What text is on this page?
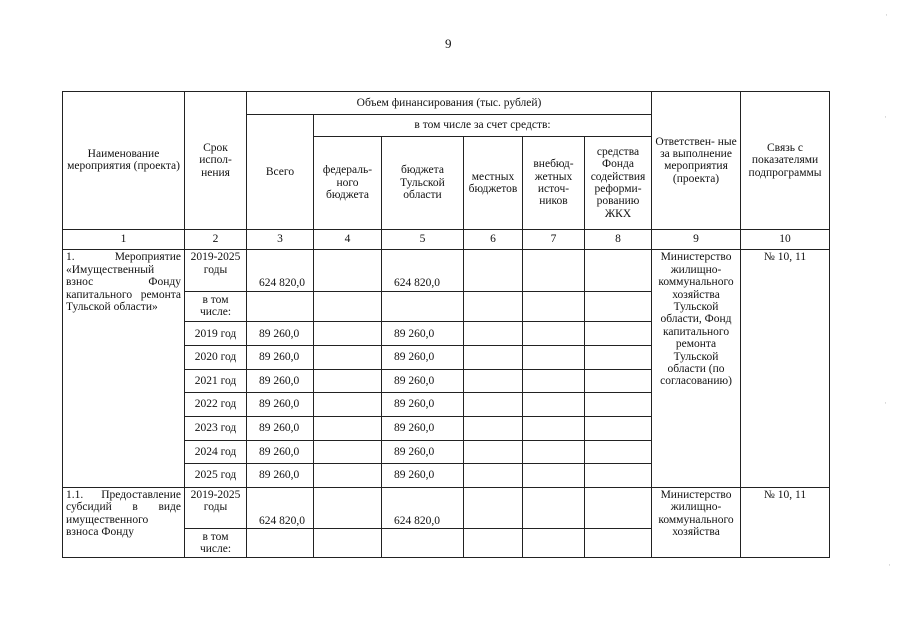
9
·
·
·
·
Наименование мероприятия (проекта)	Срок испол- нения	Объем финансирования (тыс. рублей)						Ответствен- ные за выполнение мероприятия (проекта)	Связь с показателями подпрограммы
		Всего	в том числе за счет средств:						
			федераль- ного бюджета	бюджета Тульской области	местных бюджетов	внебюд- жетных источ- ников	средства Фонда содействия реформи- рованию ЖКХ		
1	2	3	4	5	6	7	8	9	10
1. Мероприятие «Имущественный взнос Фонду капитального ремонта Тульской области»	2019-2025 годы	624 820,0		624 820,0				Министерство жилищно- коммунального хозяйства Тульской области, Фонд капитального ремонта Тульской области (по согласованию)	№ 10, 11
	в том числе:								
	2019 год	89 260,0		89 260,0					
	2020 год	89 260,0		89 260,0					
	2021 год	89 260,0		89 260,0					
	2022 год	89 260,0		89 260,0					
	2023 год	89 260,0		89 260,0					
	2024 год	89 260,0		89 260,0					
	2025 год	89 260,0		89 260,0					
1.1. Предоставление субсидий в виде имущественного взноса Фонду	2019-2025 годы	624 820,0		624 820,0				Министерство жилищно- коммунального хозяйства	№ 10, 11
	в том числе:								
